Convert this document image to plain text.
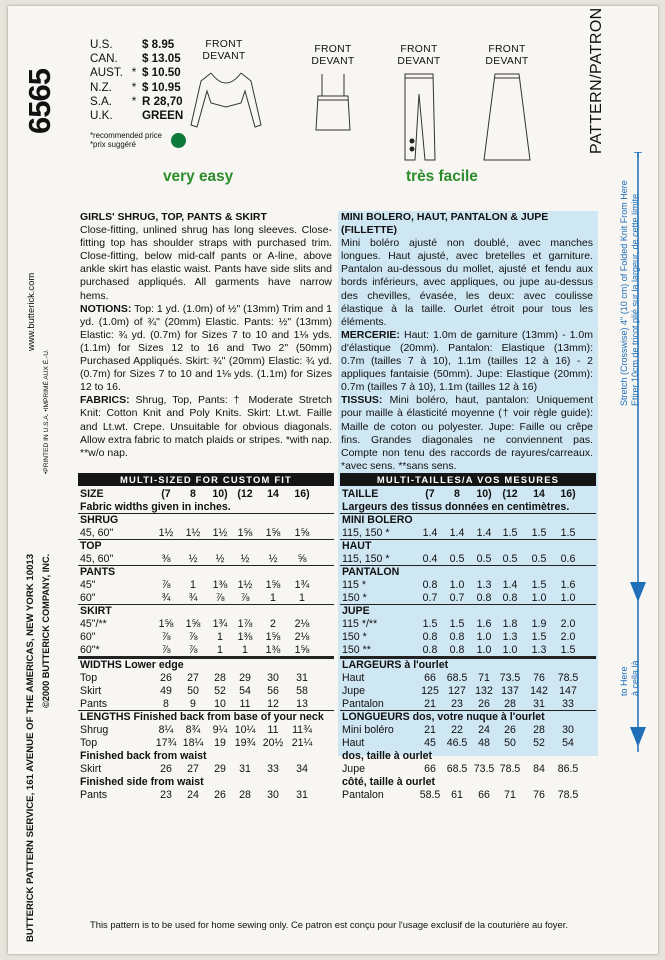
6565
BUTTERICK PATTERN SERVICE, 161 AVENUE OF THE AMERICAS, NEW YORK 10013
www.butterick.com
©2000 BUTTERICK COMPANY, INC.
•PRINTED IN U.S.A. •IMPRIMÉ AUX É.-U.
U.S.		$ 8.95
CAN.		$ 13.05
AUST.	*	$ 10.50
N.Z.	*	$ 10.95
S.A.	*	R 28,70
U.K.		GREEN
*recommended price
*prix suggéré
FRONT
DEVANT
FRONT
DEVANT
FRONT
DEVANT
FRONT
DEVANT	PATTERN/PATRON
very easy	très facile
GIRLS' SHRUG, TOP, PANTS & SKIRT
Close-fitting, unlined shrug has long sleeves. Close-fitting top has shoulder straps with purchased trim. Close-fitting, below mid-calf pants or A-line, above ankle skirt has elastic waist. Pants have side slits and purchased appliqués. All garments have narrow hems.
NOTIONS: Top: 1 yd. (1.0m) of ½" (13mm) Trim and 1 yd. (1.0m) of ¾" (20mm) Elastic. Pants: ½" (13mm) Elastic: ¾ yd. (0.7m) for Sizes 7 to 10 and 1⅛ yds. (1.1m) for Sizes 12 to 16 and Two 2" (50mm) Purchased Appliqués. Skirt: ¾" (20mm) Elastic: ¾ yd. (0.7m) for Sizes 7 to 10 and 1⅛ yds. (1.1m) for Sizes 12 to 16.
FABRICS: Shrug, Top, Pants: † Moderate Stretch Knit: Cotton Knit and Poly Knits. Skirt: Lt.wt. Faille and Lt.wt. Crepe. Unsuitable for obvious diagonals. Allow extra fabric to match plaids or stripes. *with nap. **w/o nap.
MINI BOLERO, HAUT, PANTALON & JUPE (FILLETTE)
Mini boléro ajusté non doublé, avec manches longues. Haut ajusté, avec bretelles et garniture. Pantalon au-dessous du mollet, ajusté et fendu aux bords inférieurs, avec appliques, ou jupe au-dessus des chevilles, évasée, les deux: avec coulisse élastique à la taille. Ourlet étroit pour tous les éléments.
MERCERIE: Haut: 1.0m de garniture (13mm) - 1.0m d'élastique (20mm). Pantalon: Elastique (13mm): 0.7m (tailles 7 à 10), 1.1m (tailles 12 à 16) - 2 appliques fantaisie (50mm). Jupe: Elastique (20mm): 0.7m (tailles 7 à 10), 1.1m (tailles 12 à 16)
TISSUS: Mini boléro, haut, pantalon: Uniquement pour maille à élasticité moyenne († voir règle guide): Maille de coton ou polyester. Jupe: Faille ou crêpe fins. Grandes diagonales ne conviennent pas. Compte non tenu des raccords de rayures/carreaux. *avec sens. **sans sens.
Stretch (Crosswise) 4" (10 cm) of Folded Knit From Here Etirer 10cm de tricot plié sur la largeur, de cette limite
to Here à cella là
This pattern is to be used for home sewing only. Ce patron est conçu pour l'usage exclusif de la couturière au foyer.
MULTI-SIZED FOR CUSTOM FIT
SIZE	(7	8	10) (12	14	16)
Fabric widths given in inches.
SHRUG
45, 60"	1½	1½	1½ 1⅝	1⅝	1⅝
TOP
45, 60"	⅜	½	½	½	½	⅝
PANTS
45"	⅞	1	1⅜ 1½	1⅝	1¾
60"	¾	¾	⅞	⅞	1	1
SKIRT
45"/**	1⅝	1⅝	1¾ 1⅞	2	2⅛
60"	⅞	⅞	1	1⅜	1⅝	2⅛
60"*	⅞	⅞	1	1	1⅜	1⅝
WIDTHS Lower edge
Top	26	27	28	29	30	31
Skirt	49	50	52	54	56	58
Pants	8	9	10	11	12	13
LENGTHS Finished back from base of your neck
Shrug	8¼	8¾	9¼ 10¼	11	11¾
Top	17¾ 18¼	19 19¾ 20½ 21¼
Finished back from waist
Skirt	26	27	29	31	33	34
Finished side from waist
Pants	23	24	26	28	30	31
MULTI-TAILLES/A VOS MESURES
TAILLE	(7	8	10)	(12	14	16)
Largeurs des tissus données en centimètres.
MINI BOLERO
115, 150 *	1.4	1.4	1.4	1.5	1.5	1.5
HAUT
115, 150 *	0.4	0.5	0.5	0.5	0.5	0.6
PANTALON
115 *	0.8	1.0	1.3	1.4	1.5	1.6
150 *	0.7	0.7	0.8	0.8	1.0	1.0
JUPE
115 */**	1.5	1.5	1.6	1.8	1.9	2.0
150 *	0.8	0.8	1.0	1.3	1.5	2.0
150 **	0.8	0.8	1.0	1.0	1.3	1.5
LARGEURS à l'ourlet
Haut	66	68.5	71 73.5	76	78.5
Jupe	125 127 132 137	142	147
Pantalon	21	23	26	28	31	33
LONGUEURS dos, votre nuque à l'ourlet
Mini boléro	21	22	24	26	28	30
Haut	45	46.5	48	50	52	54
dos, taille à ourlet
Jupe	66	68.5 73.5 78.5	84	86.5
côté, taille à ourlet
Pantalon	58.5	61	66	71	76	78.5
